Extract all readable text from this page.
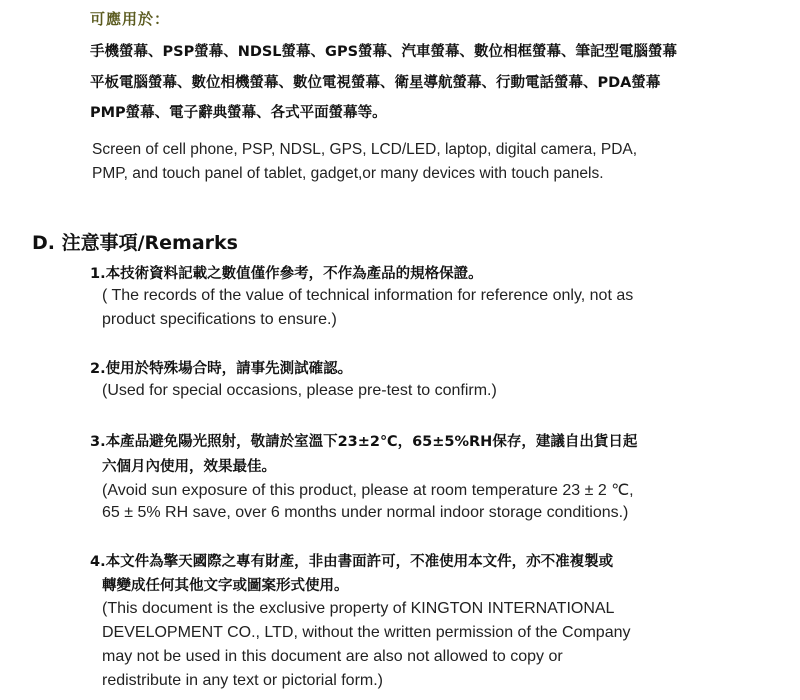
可應用於：
手機螢幕、PSP螢幕、NDSL螢幕、GPS螢幕、汽車螢幕、數位相框螢幕、筆記型電腦螢幕
平板電腦螢幕、數位相機螢幕、數位電視螢幕、衛星導航螢幕、行動電話螢幕、PDA螢幕
PMP螢幕、電子辭典螢幕、各式平面螢幕等。
Screen of cell phone, PSP, NDSL, GPS, LCD/LED, laptop, digital camera, PDA,
PMP, and touch panel of tablet, gadget,or many devices with touch panels.
D. 注意事項/Remarks
1.本技術資料記載之數值僅作參考，不作為產品的規格保證。
( The records of the value of technical information for reference only, not as
product specifications to ensure.)
2.使用於特殊場合時，請事先測試確認。
(Used for special occasions, please pre-test to confirm.)
3.本產品避免陽光照射，敬請於室溫下23±2℃，65±5%RH保存，建議自出貨日起
六個月內使用，效果最佳。
(Avoid sun exposure of this product, please at room temperature 23 ± 2 ℃,
65 ± 5% RH save, over 6 months under normal indoor storage conditions.)
4.本文件為擎天國際之專有財產，非由書面許可，不准使用本文件，亦不准複製或
轉變成任何其他文字或圖案形式使用。
(This document is the exclusive property of KINGTON INTERNATIONAL
DEVELOPMENT CO., LTD, without the written permission of the Company
may not be used in this document are also not allowed to copy or
redistribute in any text or pictorial form.)
